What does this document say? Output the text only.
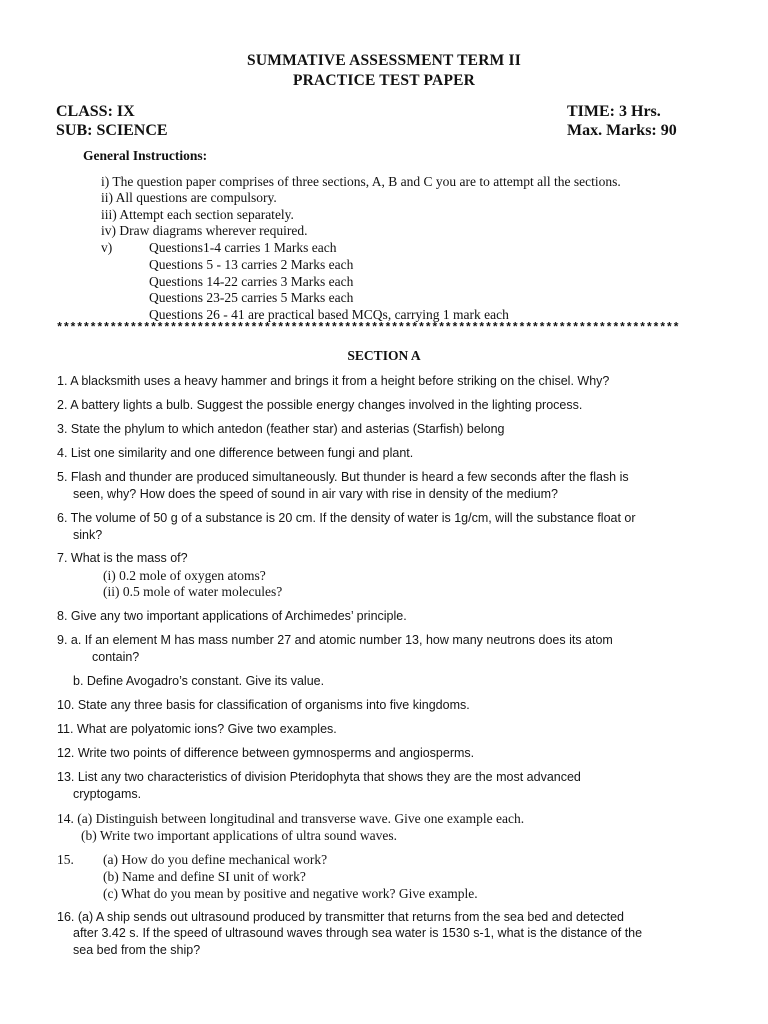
SUMMATIVE ASSESSMENT TERM II
PRACTICE TEST PAPER
CLASS: IX
SUB: SCIENCE
TIME: 3 Hrs.
Max. Marks: 90
General Instructions:
i) The question paper comprises of three sections, A, B and C you are to attempt all the sections.
ii) All questions are compulsory.
iii) Attempt each section separately.
iv) Draw diagrams wherever required.
v)	Questions1-4 carries 1 Marks each
Questions 5 - 13 carries 2 Marks each
Questions 14-22 carries 3 Marks each
Questions 23-25 carries 5 Marks each
Questions 26 - 41 are practical based MCQs, carrying 1 mark each
*********************************************************************************************
SECTION A
1. A blacksmith uses a heavy hammer and brings it from a height before striking on the chisel. Why?
2. A battery lights a bulb. Suggest the possible energy changes involved in the lighting process.
3. State the phylum to which antedon (feather star) and asterias (Starfish) belong
4. List one similarity and one difference between fungi and plant.
5. Flash and thunder are produced simultaneously. But thunder is heard a few seconds after the flash is
seen, why? How does the speed of sound in air vary with rise in density of the medium?
6. The volume of 50 g of a substance is 20 cm. If the density of water is 1g/cm, will the substance float or
sink?
7. What is the mass of?
(i) 0.2 mole of oxygen atoms?
(ii) 0.5 mole of water molecules?
8. Give any two important applications of Archimedes’ principle.
9. a. If an element M has mass number 27 and atomic number 13, how many neutrons does its atom
contain?
b. Define Avogadro’s constant. Give its value.
10. State any three basis for classification of organisms into five kingdoms.
11. What are polyatomic ions? Give two examples.
12. Write two points of difference between gymnosperms and angiosperms.
13. List any two characteristics of division Pteridophyta that shows they are the most advanced
cryptogams.
14. (a) Distinguish between longitudinal and transverse wave. Give one example each.
(b) Write two important applications of ultra sound waves.
15. (a) How do you define mechanical work?
(b) Name and define SI unit of work?
(c) What do you mean by positive and negative work? Give example.
16. (a) A ship sends out ultrasound produced by transmitter that returns from the sea bed and detected
after 3.42 s. If the speed of ultrasound waves through sea water is 1530 s-1, what is the distance of the
sea bed from the ship?
